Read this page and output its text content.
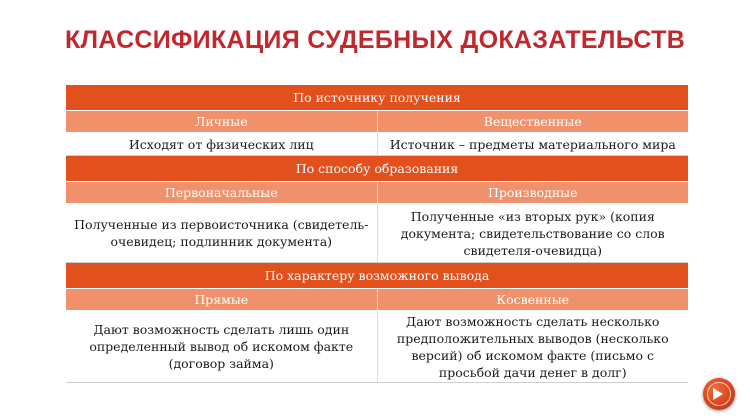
КЛАССИФИКАЦИЯ СУДЕБНЫХ ДОКАЗАТЕЛЬСТВ
По источнику получения	
Личные	Вещественные
Исходят от физических лиц	Источник – предметы материального мира
По способу образования	
Первоначальные	Производные
Полученные из первоисточника (свидетель-очевидец; подлинник документа)	Полученные «из вторых рук» (копия документа; свидетельствование со слов свидетеля-очевидца)
По характеру возможного вывода	
Прямые	Косвенные
Дают возможность сделать лишь один определенный вывод об искомом факте (договор займа)	Дают возможность сделать несколько предположительных выводов (несколько версий) об искомом факте (письмо с просьбой дачи денег в долг)
